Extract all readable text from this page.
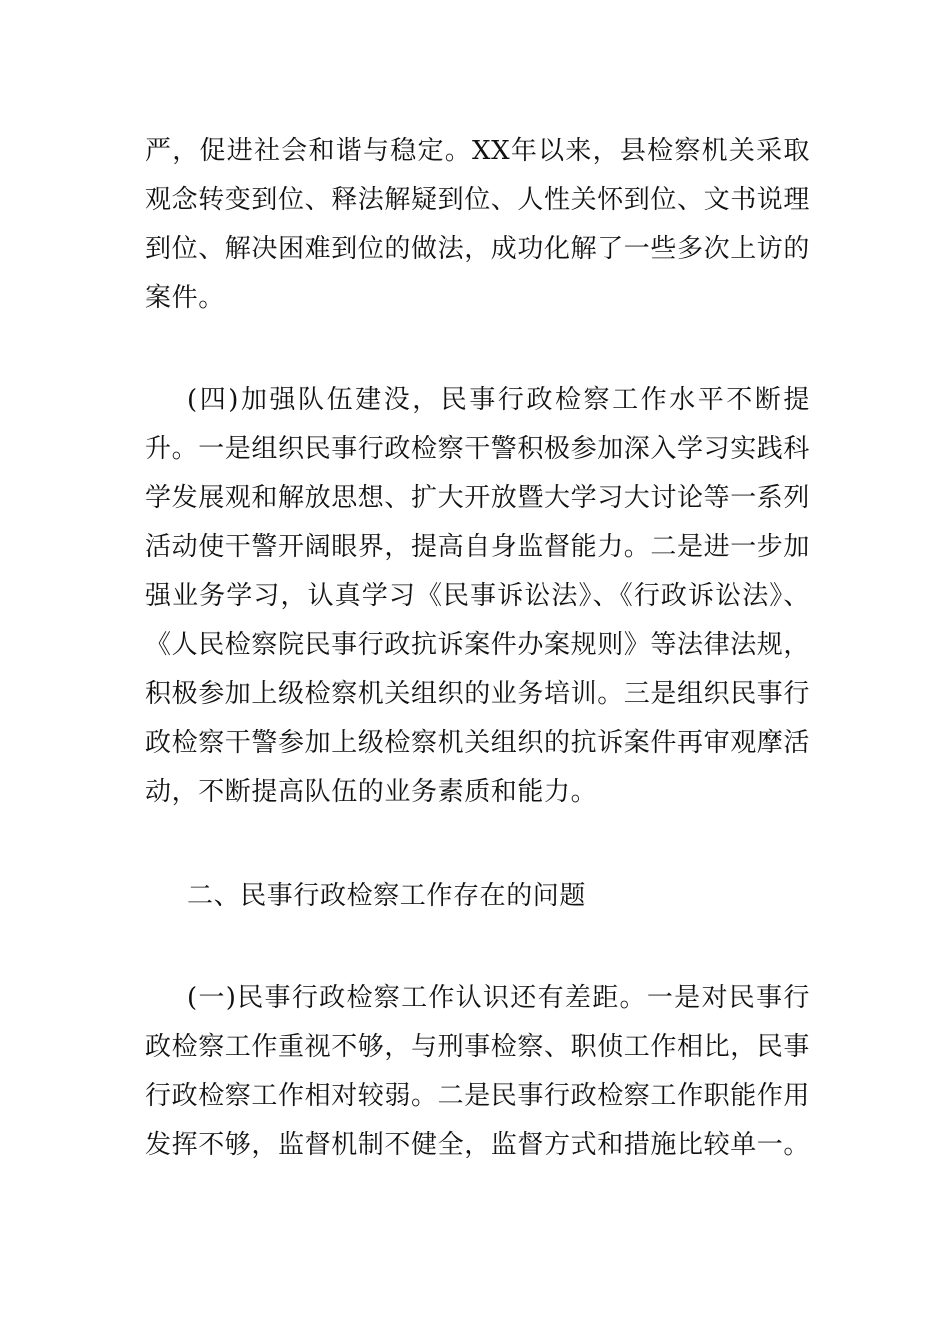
严，促进社会和谐与稳定。XX年以来，县检察机关采取观念转变到位、释法解疑到位、人性关怀到位、文书说理到位、解决困难到位的做法，成功化解了一些多次上访的案件。

(四)加强队伍建没，民事行政检察工作水平不断提升。一是组织民事行政检察干警积极参加深入学习实践科学发展观和解放思想、扩大开放暨大学习大讨论等一系列活动使干警开阔眼界，提高自身监督能力。二是进一步加强业务学习，认真学习《民事诉讼法》、《行政诉讼法》、《人民检察院民事行政抗诉案件办案规则》等法律法规，积极参加上级检察机关组织的业务培训。三是组织民事行政检察干警参加上级检察机关组织的抗诉案件再审观摩活动，不断提高队伍的业务素质和能力。

二、民事行政检察工作存在的问题

(一)民事行政检察工作认识还有差距。一是对民事行政检察工作重视不够，与刑事检察、职侦工作相比，民事行政检察工作相对较弱。二是民事行政检察工作职能作用发挥不够，监督机制不健全，监督方式和措施比较单一。
